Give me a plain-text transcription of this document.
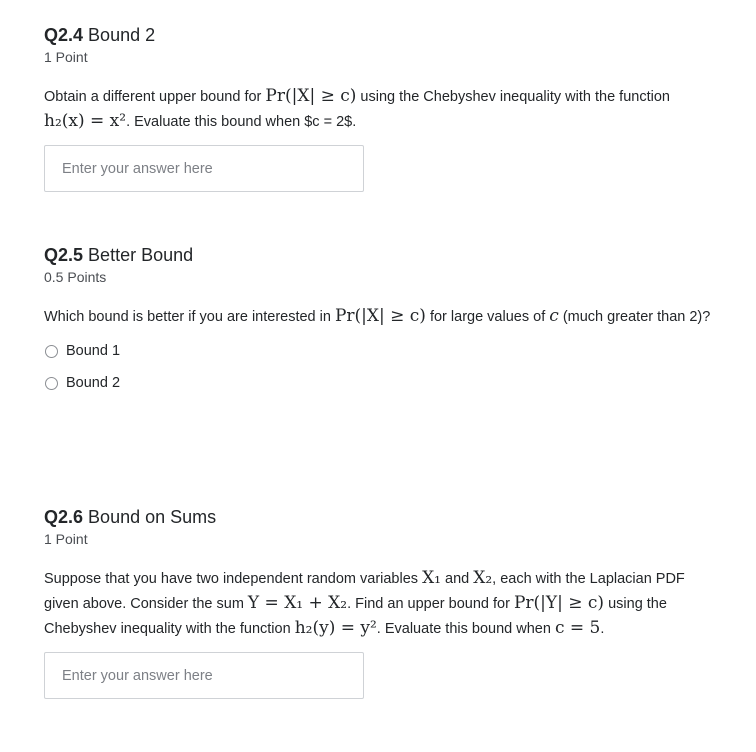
Q2.4 Bound 2
1 Point
Obtain a different upper bound for Pr(|X| ≥ c) using the Chebyshev inequality with the function h₂(x) = x². Evaluate this bound when $c = 2$.
Enter your answer here
Q2.5 Better Bound
0.5 Points
Which bound is better if you are interested in Pr(|X| ≥ c) for large values of c (much greater than 2)?
Bound 1
Bound 2
Q2.6 Bound on Sums
1 Point
Suppose that you have two independent random variables X₁ and X₂, each with the Laplacian PDF given above. Consider the sum Y = X₁ + X₂. Find an upper bound for Pr(|Y| ≥ c) using the Chebyshev inequality with the function h₂(y) = y². Evaluate this bound when c = 5.
Enter your answer here
